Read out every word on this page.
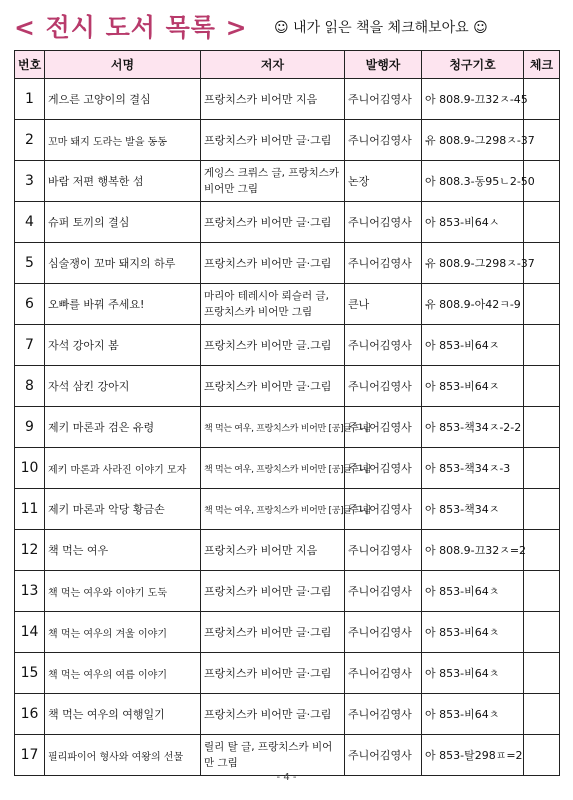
< 전시 도서 목록 > ☺ 내가 읽은 책을 체크해보아요 ☺
번호	서명	저자	발행자	청구기호	체크
1	게으른 고양이의 결심	프랑치스카 비어만 지음	주니어김영사	아 808.9-끄32ㅈ-45	
2	꼬마 돼지 도라는 발을 동동	프랑치스카 비어만 글·그림	주니어김영사	유 808.9-그298ㅈ-37	
3	바람 저편 행복한 섬	게잉스 크뤼스 글, 프랑치스카 비어만 그림	논장	아 808.3-동95ㄴ2-50	
4	슈퍼 토끼의 결심	프랑치스카 비어만 글·그림	주니어김영사	아 853-비64ㅅ	
5	심술쟁이 꼬마 돼지의 하루	프랑치스카 비어만 글·그림	주니어김영사	유 808.9-그298ㅈ-37	
6	오빠를 바꿔 주세요!	마리아 테레시아 뢰슬러 글, 프랑치스카 비어만 그림	큰나	유 808.9-아42ㅋ-9	
7	자석 강아지 봄	프랑치스카 비어만 글.그림	주니어김영사	아 853-비64ㅈ	
8	자석 삼킨 강아지	프랑치스카 비어만 글·그림	주니어김영사	아 853-비64ㅈ	
9	제키 마론과 검은 유령	책 먹는 여우, 프랑치스카 비어만 [공]글·그림	주니어김영사	아 853-책34ㅈ-2-2	
10	제키 마론과 사라진 이야기 모자	책 먹는 여우, 프랑치스카 비어만 [공]글·그림	주니어김영사	아 853-책34ㅈ-3	
11	제키 마론과 악당 황금손	책 먹는 여우, 프랑치스카 비어만 [공]글·그림	주니어김영사	아 853-책34ㅈ	
12	책 먹는 여우	프랑치스카 비어만 지음	주니어김영사	아 808.9-끄32ㅈ=2	
13	책 먹는 여우와 이야기 도둑	프랑치스카 비어만 글·그림	주니어김영사	아 853-비64ㅊ	
14	책 먹는 여우의 겨울 이야기	프랑치스카 비어만 글·그림	주니어김영사	아 853-비64ㅊ	
15	책 먹는 여우의 여름 이야기	프랑치스카 비어만 글·그림	주니어김영사	아 853-비64ㅊ	
16	책 먹는 여우의 여행일기	프랑치스카 비어만 글·그림	주니어김영사	아 853-비64ㅊ	
17	필리파이어 형사와 여왕의 선물	릴리 탈 글, 프랑치스카 비어만 그림	주니어김영사	아 853-탈298ㅍ=2	
- 4 -
